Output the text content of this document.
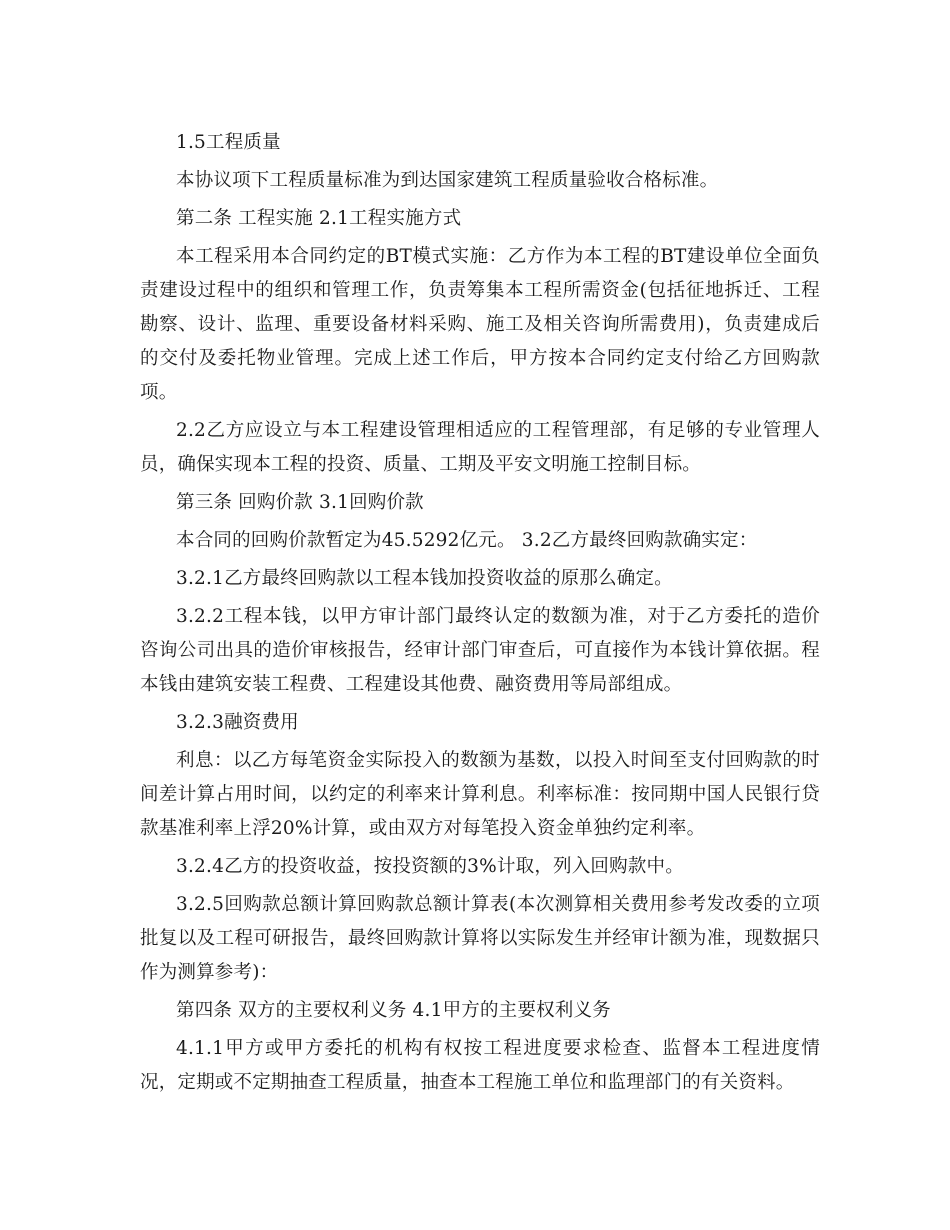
1.5工程质量

本协议项下工程质量标准为到达国家建筑工程质量验收合格标准。

第二条 工程实施 2.1工程实施方式

本工程采用本合同约定的BT模式实施：乙方作为本工程的BT建设单位全面负责建设过程中的组织和管理工作，负责筹集本工程所需资金(包括征地拆迁、工程勘察、设计、监理、重要设备材料采购、施工及相关咨询所需费用)，负责建成后的交付及委托物业管理。完成上述工作后，甲方按本合同约定支付给乙方回购款项。

2.2乙方应设立与本工程建设管理相适应的工程管理部，有足够的专业管理人员，确保实现本工程的投资、质量、工期及平安文明施工控制目标。

第三条 回购价款 3.1回购价款

本合同的回购价款暂定为45.5292亿元。 3.2乙方最终回购款确实定：

3.2.1乙方最终回购款以工程本钱加投资收益的原那么确定。

3.2.2工程本钱，以甲方审计部门最终认定的数额为准，对于乙方委托的造价咨询公司出具的造价审核报告，经审计部门审查后，可直接作为本钱计算依据。程本钱由建筑安装工程费、工程建设其他费、融资费用等局部组成。

3.2.3融资费用

利息：以乙方每笔资金实际投入的数额为基数，以投入时间至支付回购款的时间差计算占用时间，以约定的利率来计算利息。利率标准：按同期中国人民银行贷款基准利率上浮20%计算，或由双方对每笔投入资金单独约定利率。

3.2.4乙方的投资收益，按投资额的3%计取，列入回购款中。

3.2.5回购款总额计算回购款总额计算表(本次测算相关费用参考发改委的立项批复以及工程可研报告，最终回购款计算将以实际发生并经审计额为准，现数据只作为测算参考)：

第四条 双方的主要权利义务 4.1甲方的主要权利义务

4.1.1甲方或甲方委托的机构有权按工程进度要求检查、监督本工程进度情况，定期或不定期抽查工程质量，抽查本工程施工单位和监理部门的有关资料。
